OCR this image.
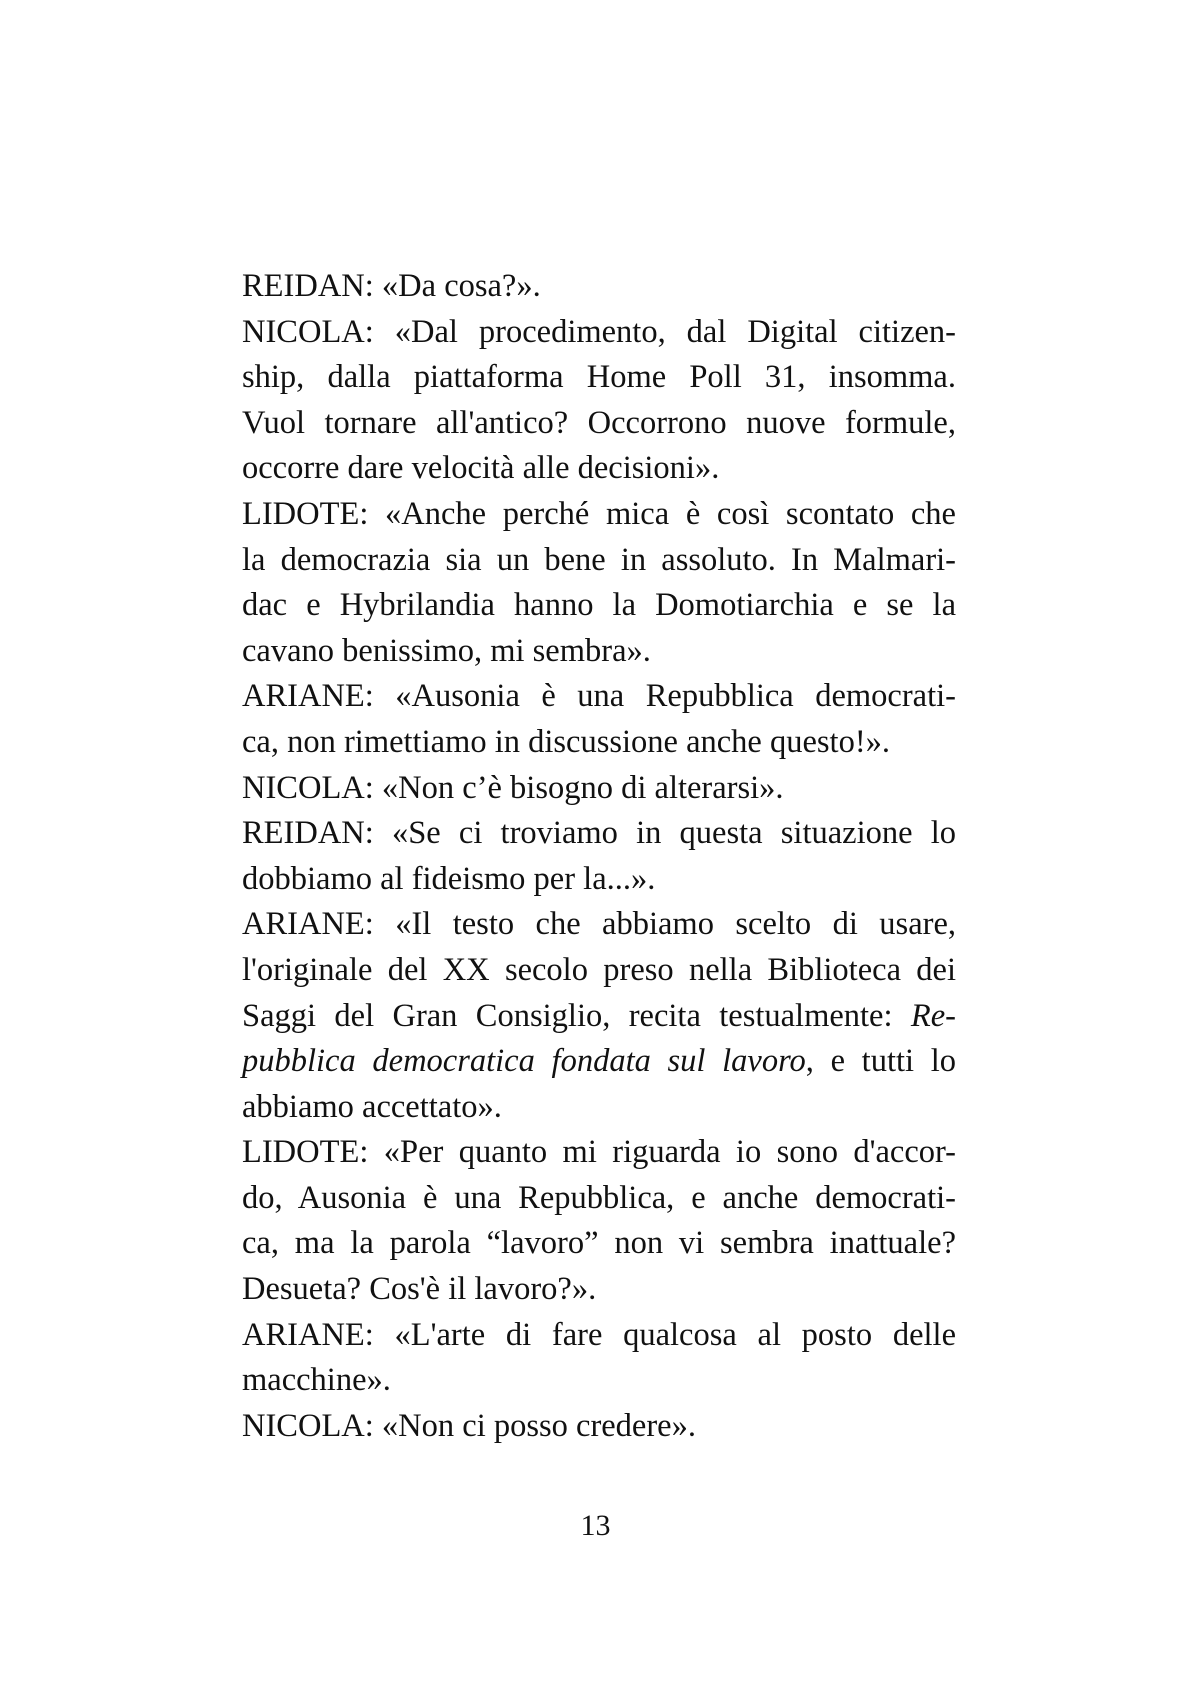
REIDAN: «Da cosa?».
NICOLA: «Dal procedimento, dal Digital citizen-
ship, dalla piattaforma Home Poll 31, insomma.
Vuol tornare all'antico? Occorrono nuove formule,
occorre dare velocità alle decisioni».
LIDOTE: «Anche perché mica è così scontato che
la democrazia sia un bene in assoluto. In Malmari-
dac e Hybrilandia hanno la Domotiarchia e se la
cavano benissimo, mi sembra».
ARIANE: «Ausonia è una Repubblica democrati-
ca, non rimettiamo in discussione anche questo!».
NICOLA: «Non c’è bisogno di alterarsi».
REIDAN: «Se ci troviamo in questa situazione lo
dobbiamo al fideismo per la...».
ARIANE: «Il testo che abbiamo scelto di usare,
l'originale del XX secolo preso nella Biblioteca dei
Saggi del Gran Consiglio, recita testualmente: Re-
pubblica democratica fondata sul lavoro, e tutti lo
abbiamo accettato».
LIDOTE: «Per quanto mi riguarda io sono d'accor-
do, Ausonia è una Repubblica, e anche democrati-
ca, ma la parola “lavoro” non vi sembra inattuale?
Desueta? Cos'è il lavoro?».
ARIANE: «L'arte di fare qualcosa al posto delle
macchine».
NICOLA: «Non ci posso credere».
13
